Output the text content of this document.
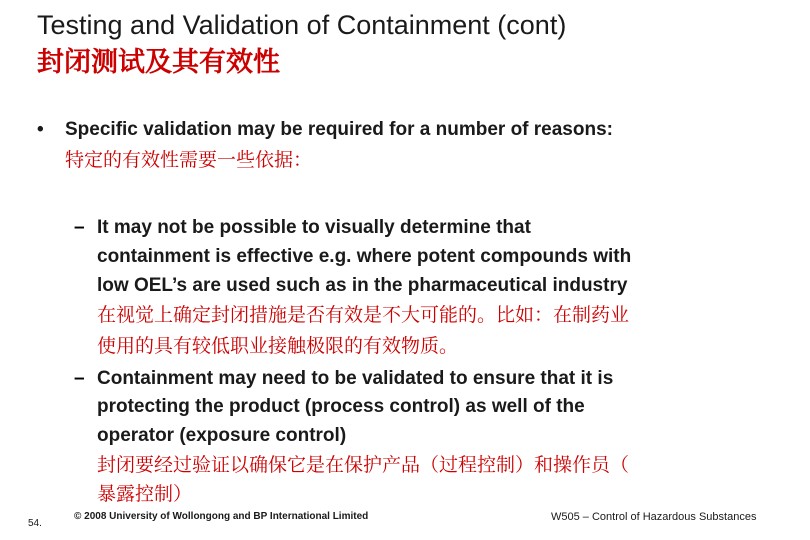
Testing and Validation of Containment (cont)
封闭测试及其有效性
• Specific validation may be required for a number of reasons:
特定的有效性需要一些依据：
– It may not be possible to visually determine that
containment is effective e.g. where potent compounds with
low OEL’s are used such as in the pharmaceutical industry
在视觉上确定封闭措施是否有效是不大可能的。比如：在制药业
使用的具有较低职业接触极限的有效物质。
– Containment may need to be validated to ensure that it is
protecting the product (process control) as well of the
operator (exposure control)
封闭要经过验证以确保它是在保护产品（过程控制）和操作员（
暴露控制）
54.
© 2008 University of Wollongong and BP International Limited	W505 – Control of Hazardous Substances
